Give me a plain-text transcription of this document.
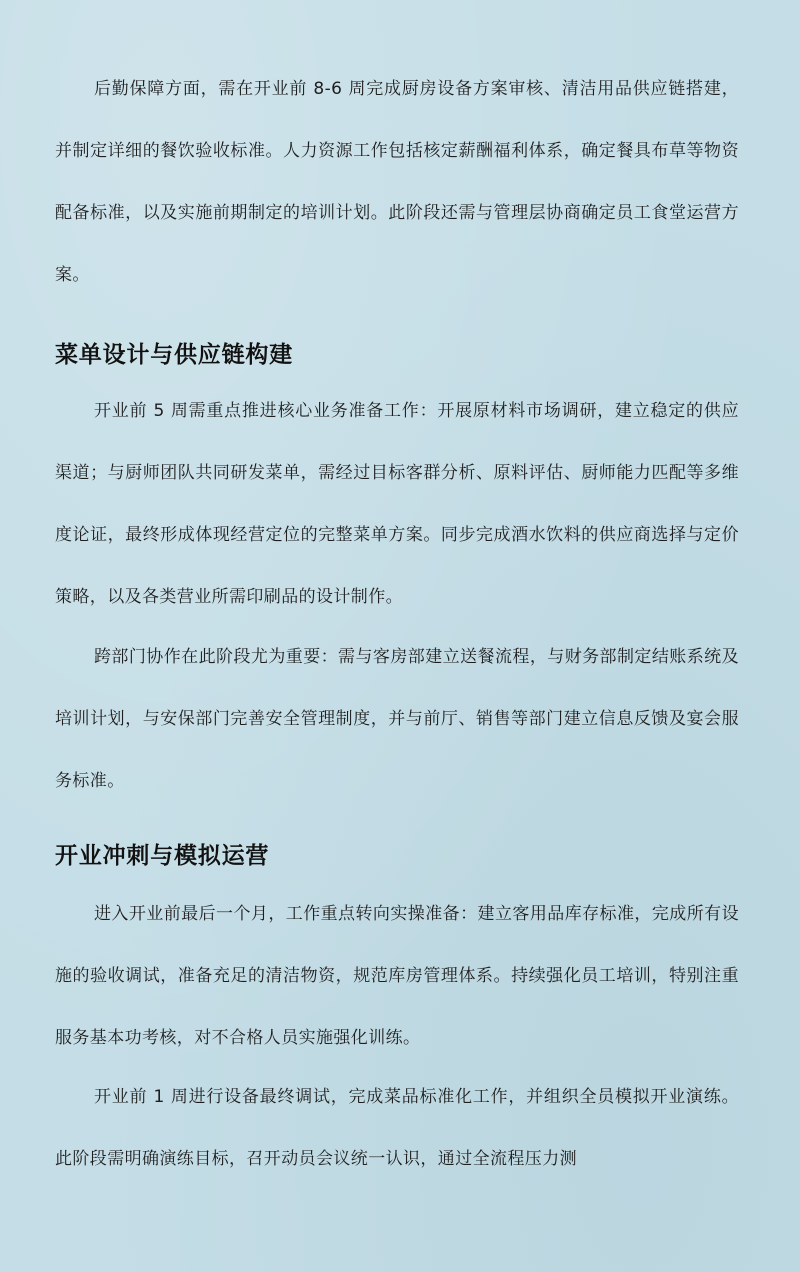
后勤保障方面，需在开业前 8-6 周完成厨房设备方案审核、清洁用品供应链搭建，并制定详细的餐饮验收标准。人力资源工作包括核定薪酬福利体系，确定餐具布草等物资配备标准，以及实施前期制定的培训计划。此阶段还需与管理层协商确定员工食堂运营方案。

菜单设计与供应链构建

开业前 5 周需重点推进核心业务准备工作：开展原材料市场调研，建立稳定的供应渠道；与厨师团队共同研发菜单，需经过目标客群分析、原料评估、厨师能力匹配等多维度论证，最终形成体现经营定位的完整菜单方案。同步完成酒水饮料的供应商选择与定价策略，以及各类营业所需印刷品的设计制作。

跨部门协作在此阶段尤为重要：需与客房部建立送餐流程，与财务部制定结账系统及培训计划，与安保部门完善安全管理制度，并与前厅、销售等部门建立信息反馈及宴会服务标准。

开业冲刺与模拟运营

进入开业前最后一个月，工作重点转向实操准备：建立客用品库存标准，完成所有设施的验收调试，准备充足的清洁物资，规范库房管理体系。持续强化员工培训，特别注重服务基本功考核，对不合格人员实施强化训练。

开业前 1 周进行设备最终调试，完成菜品标准化工作，并组织全员模拟开业演练。此阶段需明确演练目标，召开动员会议统一认识，通过全流程压力测
